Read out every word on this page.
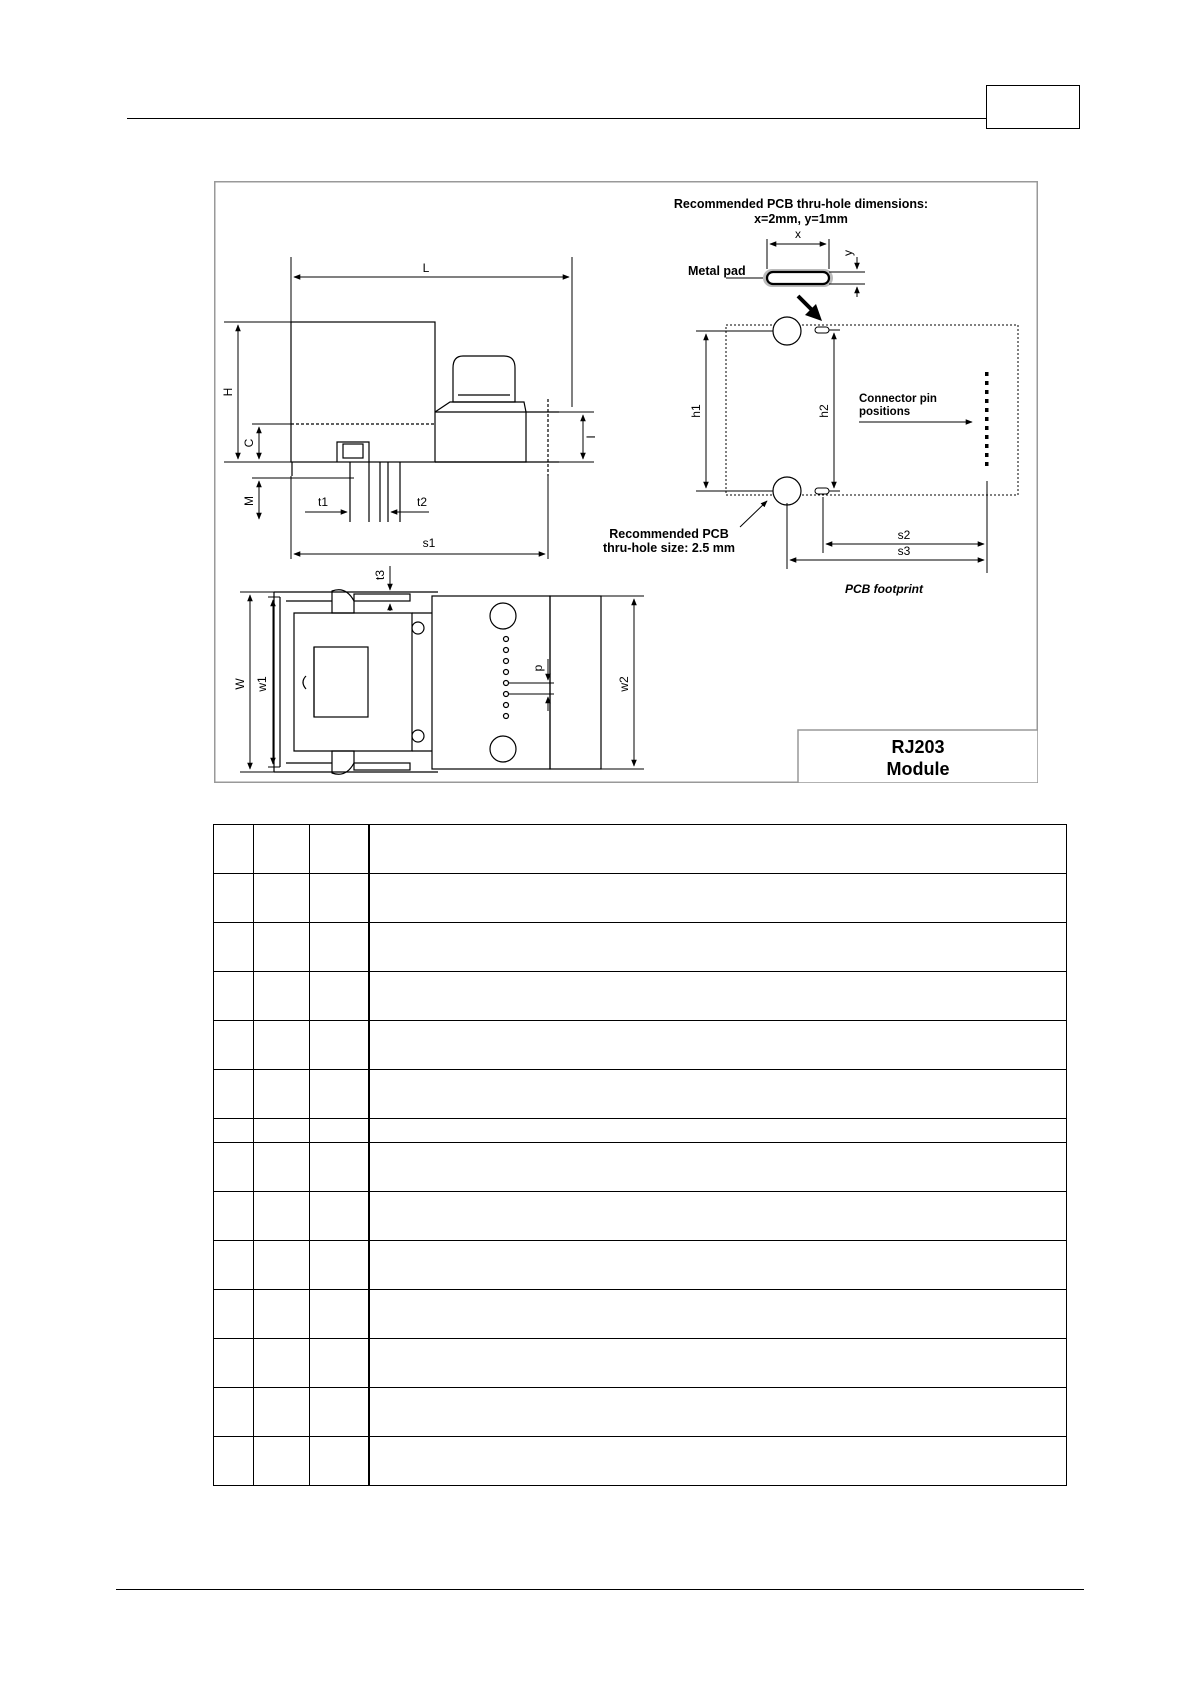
L
H
C
M
I
t1	t2
s1
W w1	w2
t3
p
Recommended PCB thru-hole dimensions:
x=2mm, y=1mm
Metal pad
x
y
Connector pin
positions
h1	h2
s2
s3
Recommended PCB
thru-hole size: 2.5 mm
PCB footprint
RJ203
Module
